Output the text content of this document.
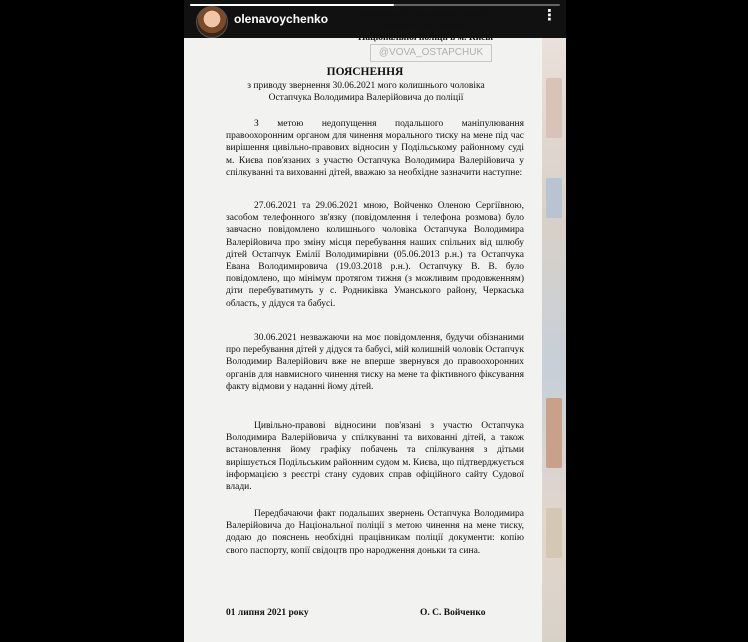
olenavoychenko	⋮
Подільське управління поліції
Головного управління
Національної поліції в м. Києві
@VOVA_OSTAPCHUK
ПОЯСНЕННЯ
з приводу звернення 30.06.2021 мого колишнього чоловіка
Остапчука Володимира Валерійовича до поліції
З метою недопущення подальшого маніпулювання правоохоронним органом для чинення морального тиску на мене під час вирішення цивільно-правових відносин у Подільському районному суді м. Києва пов'язаних з участю Остапчука Володимира Валерійовича у спілкуванні та вихованні дітей, вважаю за необхідне зазначити наступне:
27.06.2021 та 29.06.2021 мною, Войченко Оленою Сергіївною, засобом телефонного зв'язку (повідомлення і телефона розмова) було завчасно повідомлено колишнього чоловіка Остапчука Володимира Валерійовича про зміну місця перебування наших спільних від шлюбу дітей Остапчук Емілії Володимирівни (05.06.2013 р.н.) та Остапчука Евана Володимировича (19.03.2018 р.н.). Остапчуку В. В. було повідомлено, що мінімум протягом тижня (з можливим продовженням) діти перебуватимуть у с. Родниківка Уманського району, Черкаська область, у дідуся та бабусі.
30.06.2021 незважаючи на моє повідомлення, будучи обізнаними про перебування дітей у дідуся та бабусі, мій колишній чоловік Остапчук Володимир Валерійович вже не вперше звернувся до правоохоронних органів для навмисного чинення тиску на мене та фіктивного фіксування факту відмови у наданні йому дітей.
Цивільно-правові відносини пов'язані з участю Остапчука Володимира Валерійовича у спілкуванні та вихованні дітей, а також встановлення йому графіку побачень та спілкування з дітьми вирішується Подільським районним судом м. Києва, що підтверджується інформацією з реєстрі стану судових справ офіційного сайту Судової влади.
Передбачаючи факт подальших звернень Остапчука Володимира Валерійовича до Національної поліції з метою чинення на мене тиску, додаю до пояснень необхідні працівникам поліції документи: копію свого паспорту, копії свідоцтв про народження доньки та сина.
01 липня 2021 року	О. С. Войченко
